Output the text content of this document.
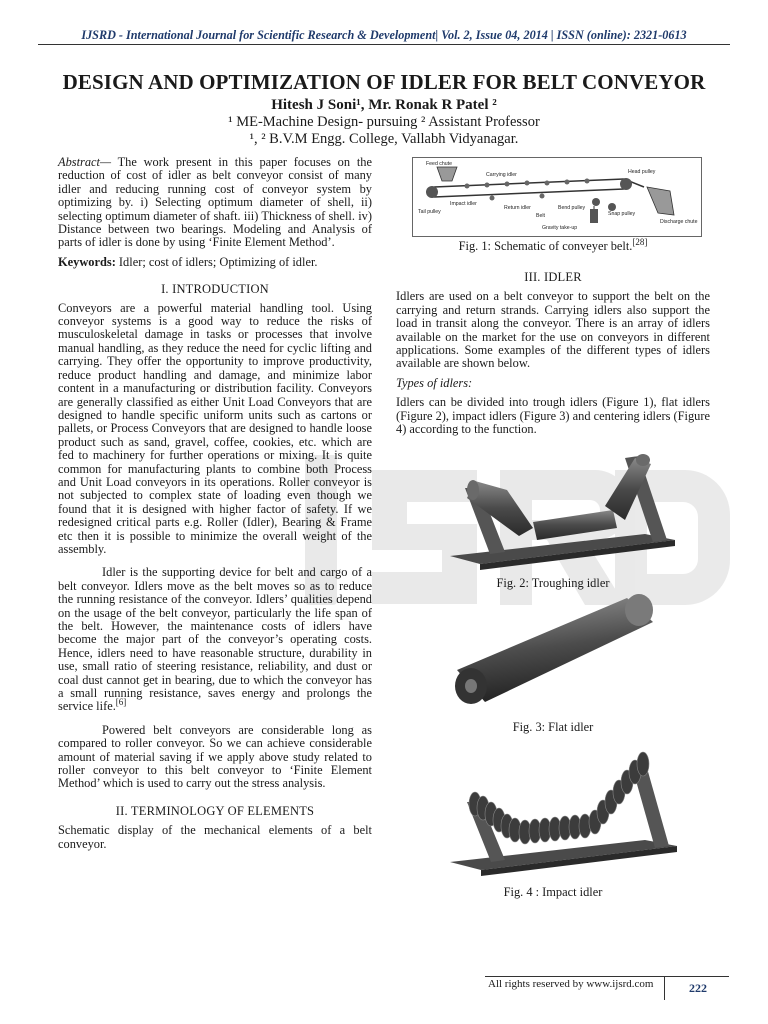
IJSRD - International Journal for Scientific Research & Development| Vol. 2, Issue 04, 2014 | ISSN (online): 2321-0613
DESIGN AND OPTIMIZATION OF IDLER FOR BELT CONVEYOR
Hitesh J Soni¹, Mr. Ronak R Patel ²
¹ ME-Machine Design- pursuing ² Assistant Professor
¹, ² B.V.M Engg. College, Vallabh Vidyanagar.
Abstract— The work present in this paper focuses on the reduction of cost of idler as belt conveyor consist of many idler and reducing running cost of conveyor system by optimizing by. i) Selecting optimum diameter of shell, ii) selecting optimum diameter of shaft. iii) Thickness of shell. iv) Distance between two bearings. Modeling and Analysis of parts of idler is done by using ‘Finite Element Method’.
Keywords: Idler; cost of idlers; Optimizing of idler.
I. INTRODUCTION
Conveyors are a powerful material handling tool. Using conveyor systems is a good way to reduce the risks of musculoskeletal damage in tasks or processes that involve manual handling, as they reduce the need for cyclic lifting and carrying. They offer the opportunity to improve productivity, reduce product handling and damage, and minimize labor content in a manufacturing or distribution facility. Conveyors are generally classified as either Unit Load Conveyors that are designed to handle specific uniform units such as cartons or pallets, or Process Conveyors that are designed to handle loose product such as sand, gravel, coffee, cookies, etc. which are fed to machinery for further operations or mixing. It is quite common for manufacturing plants to combine both Process and Unit Load conveyors in its operations. Roller conveyor is not subjected to complex state of loading even though we found that it is designed with higher factor of safety. If we redesigned critical parts e.g. Roller (Idler), Bearing & Frame etc then it is possible to minimize the overall weight of the assembly.
Idler is the supporting device for belt and cargo of a belt conveyor. Idlers move as the belt moves so as to reduce the running resistance of the conveyor. Idlers’ qualities depend on the usage of the belt conveyor, particularly the life span of the belt. However, the maintenance costs of idlers have become the major part of the conveyor’s operating costs. Hence, idlers need to have reasonable structure, durability in use, small ratio of steering resistance, reliability, and dust or coal dust cannot get in bearing, due to which the conveyor has a small running resistance, saves energy and prolongs the service life.[6]
Powered belt conveyors are considerable long as compared to roller conveyor. So we can achieve considerable amount of material saving if we apply above study related to roller conveyor to this belt conveyor to ‘Finite Element Method’ which is used to carry out the stress analysis.
II. TERMINOLOGY OF ELEMENTS
Schematic display of the mechanical elements of a belt conveyor.
Feed chute
Carrying idler	Head pulley
Tail pulley
Impact idler
Return idler
Belt
Bend pulley
Snap pulley
Discharge chute
Gravity take-up
Fig. 1: Schematic of conveyer belt.[28]
III. IDLER
Idlers are used on a belt conveyor to support the belt on the carrying and return strands. Carrying idlers also support the load in transit along the conveyor. There is an array of idlers available on the market for the use on conveyors in different applications. Some examples of the different types of idlers available are shown below.
Types of idlers:
Idlers can be divided into trough idlers (Figure 1), flat idlers (Figure 2), impact idlers (Figure 3) and centering idlers (Figure 4) according to the function.
Fig. 2: Troughing idler
Fig. 3: Flat idler
Fig. 4 : Impact idler
All rights reserved by www.ijsrd.com	222
